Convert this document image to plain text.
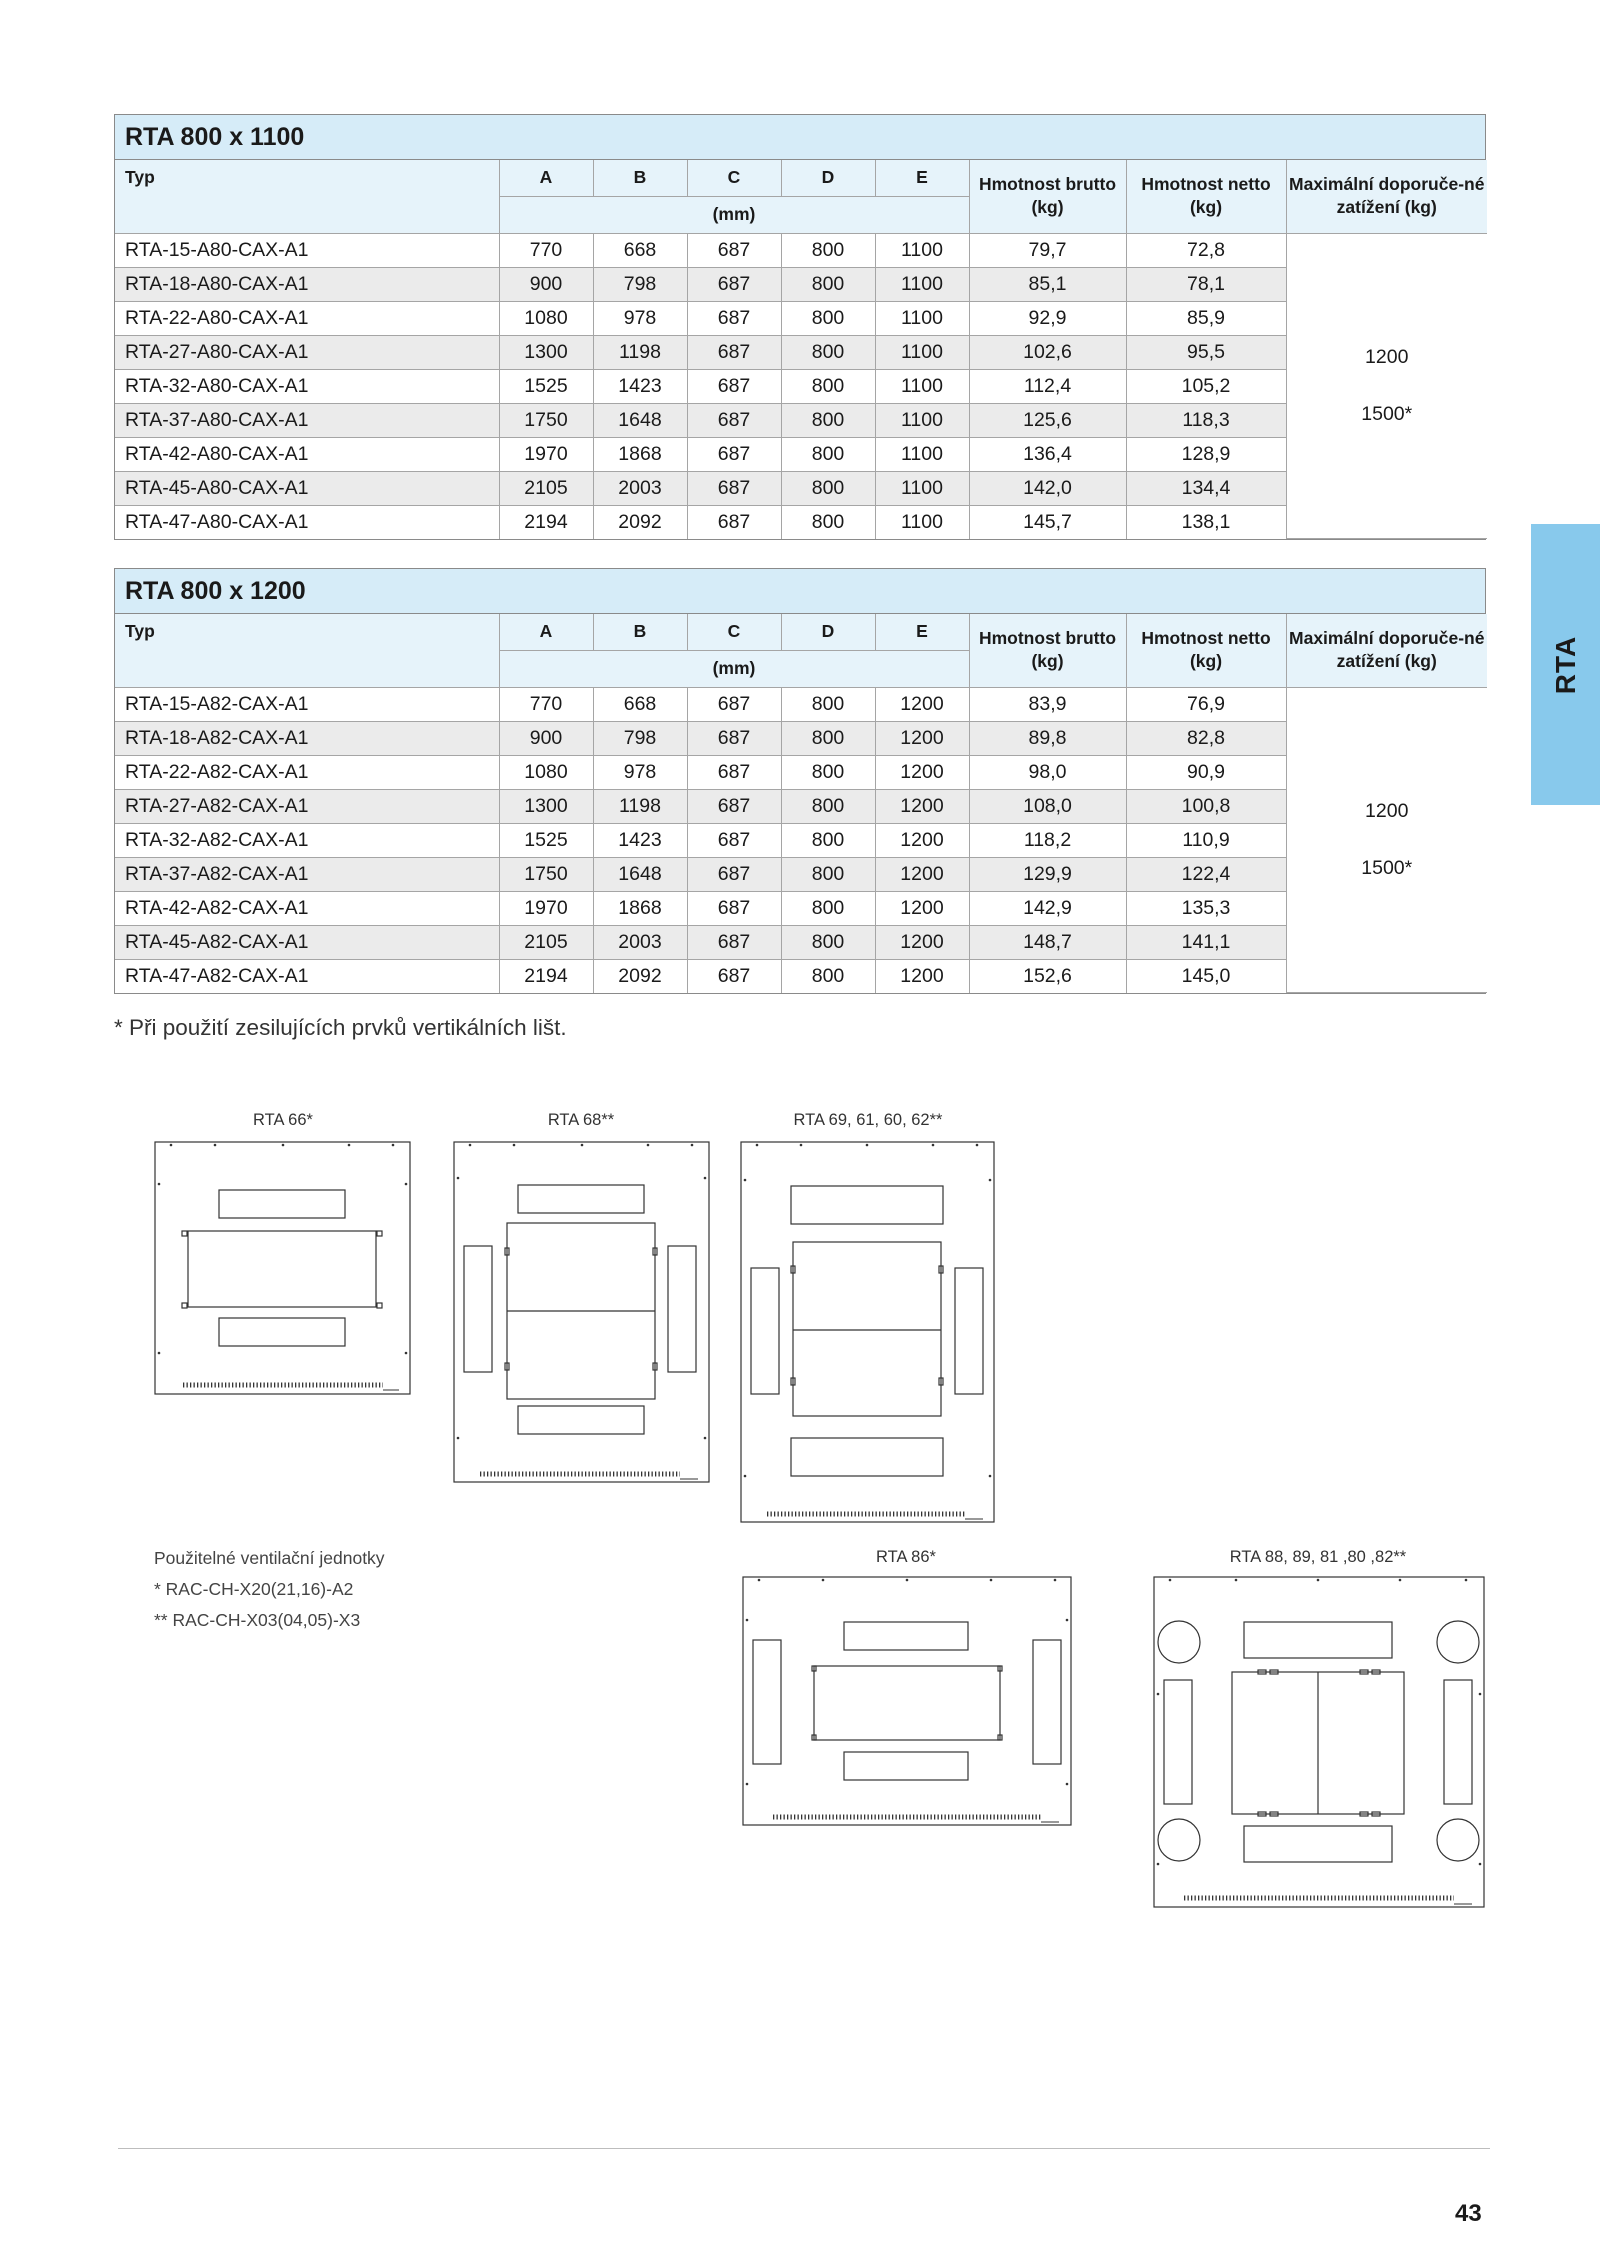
RTA 800 x 1100
Typ	A	B	C	D	E	Hmotnost brutto (kg)	Hmotnost netto (kg)	Maximální doporuče-né zatížení (kg)
	(mm)							
RTA-15-A80-CAX-A1	770	668	687	800	1100	79,7	72,8	1200
1500*

RTA-18-A80-CAX-A1	900	798	687	800	1100	85,1	78,1	
RTA-22-A80-CAX-A1	1080	978	687	800	1100	92,9	85,9	
RTA-27-A80-CAX-A1	1300	1198	687	800	1100	102,6	95,5	
RTA-32-A80-CAX-A1	1525	1423	687	800	1100	112,4	105,2	
RTA-37-A80-CAX-A1	1750	1648	687	800	1100	125,6	118,3	
RTA-42-A80-CAX-A1	1970	1868	687	800	1100	136,4	128,9	
RTA-45-A80-CAX-A1	2105	2003	687	800	1100	142,0	134,4	
RTA-47-A80-CAX-A1	2194	2092	687	800	1100	145,7	138,1	
RTA 800 x 1200
Typ	A	B	C	D	E	Hmotnost brutto (kg)	Hmotnost netto (kg)	Maximální doporuče-né zatížení (kg)
	(mm)							
RTA-15-A82-CAX-A1	770	668	687	800	1200	83,9	76,9	1200
1500*

RTA-18-A82-CAX-A1	900	798	687	800	1200	89,8	82,8	
RTA-22-A82-CAX-A1	1080	978	687	800	1200	98,0	90,9	
RTA-27-A82-CAX-A1	1300	1198	687	800	1200	108,0	100,8	
RTA-32-A82-CAX-A1	1525	1423	687	800	1200	118,2	110,9	
RTA-37-A82-CAX-A1	1750	1648	687	800	1200	129,9	122,4	
RTA-42-A82-CAX-A1	1970	1868	687	800	1200	142,9	135,3	
RTA-45-A82-CAX-A1	2105	2003	687	800	1200	148,7	141,1	
RTA-47-A82-CAX-A1	2194	2092	687	800	1200	152,6	145,0	
* Při použití zesilujících prvků vertikálních lišt.
RTA
RTA 66*	RTA 68**	RTA 69, 61, 60, 62**
RTA 86*	RTA 88, 89, 81 ,80 ,82**
Použitelné ventilační jednotky
* RAC-CH-X20(21,16)-A2
** RAC-CH-X03(04,05)-X3
43
